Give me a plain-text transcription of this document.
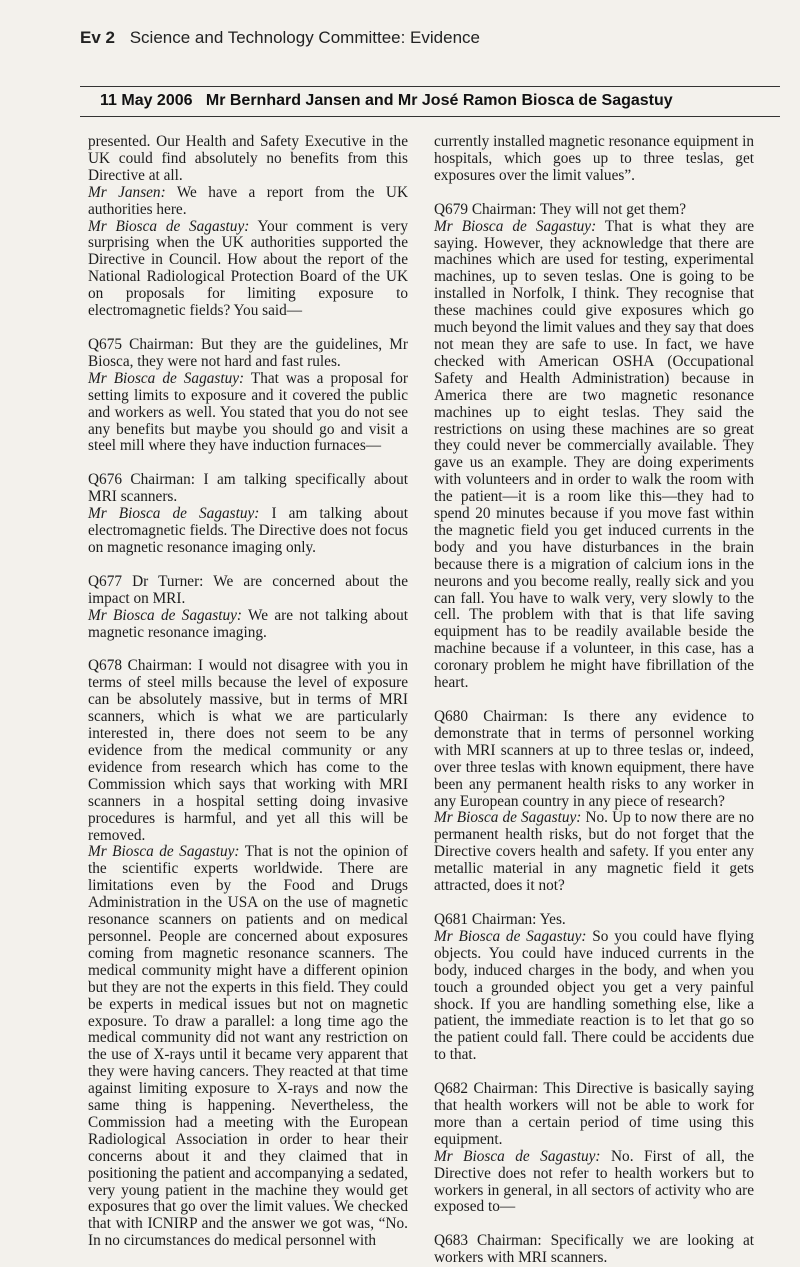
Ev 2 Science and Technology Committee: Evidence
11 May 2006   Mr Bernhard Jansen and Mr José Ramon Biosca de Sagastuy

presented. Our Health and Safety Executive in the UK could find absolutely no benefits from this Directive at all.

Mr Jansen: We have a report from the UK authorities here.

Mr Biosca de Sagastuy: Your comment is very surprising when the UK authorities supported the Directive in Council. How about the report of the National Radiological Protection Board of the UK on proposals for limiting exposure to electromagnetic fields? You said—

Q675 Chairman: But they are the guidelines, Mr Biosca, they were not hard and fast rules.

Mr Biosca de Sagastuy: That was a proposal for setting limits to exposure and it covered the public and workers as well. You stated that you do not see any benefits but maybe you should go and visit a steel mill where they have induction furnaces—

Q676 Chairman: I am talking specifically about MRI scanners.

Mr Biosca de Sagastuy: I am talking about electromagnetic fields. The Directive does not focus on magnetic resonance imaging only.

Q677 Dr Turner: We are concerned about the impact on MRI.

Mr Biosca de Sagastuy: We are not talking about magnetic resonance imaging.

Q678 Chairman: I would not disagree with you in terms of steel mills because the level of exposure can be absolutely massive, but in terms of MRI scanners, which is what we are particularly interested in, there does not seem to be any evidence from the medical community or any evidence from research which has come to the Commission which says that working with MRI scanners in a hospital setting doing invasive procedures is harmful, and yet all this will be removed.

Mr Biosca de Sagastuy: That is not the opinion of the scientific experts worldwide. There are limitations even by the Food and Drugs Administration in the USA on the use of magnetic resonance scanners on patients and on medical personnel. People are concerned about exposures coming from magnetic resonance scanners. The medical community might have a different opinion but they are not the experts in this field. They could be experts in medical issues but not on magnetic exposure. To draw a parallel: a long time ago the medical community did not want any restriction on the use of X-rays until it became very apparent that they were having cancers. They reacted at that time against limiting exposure to X-rays and now the same thing is happening. Nevertheless, the Commission had a meeting with the European Radiological Association in order to hear their concerns about it and they claimed that in positioning the patient and accompanying a sedated, very young patient in the machine they would get exposures that go over the limit values. We checked that with ICNIRP and the answer we got was, “No. In no circumstances do medical personnel with

currently installed magnetic resonance equipment in hospitals, which goes up to three teslas, get exposures over the limit values”.

Q679 Chairman: They will not get them?

Mr Biosca de Sagastuy: That is what they are saying. However, they acknowledge that there are machines which are used for testing, experimental machines, up to seven teslas. One is going to be installed in Norfolk, I think. They recognise that these machines could give exposures which go much beyond the limit values and they say that does not mean they are safe to use. In fact, we have checked with American OSHA (Occupational Safety and Health Administration) because in America there are two magnetic resonance machines up to eight teslas. They said the restrictions on using these machines are so great they could never be commercially available. They gave us an example. They are doing experiments with volunteers and in order to walk the room with the patient—it is a room like this—they had to spend 20 minutes because if you move fast within the magnetic field you get induced currents in the body and you have disturbances in the brain because there is a migration of calcium ions in the neurons and you become really, really sick and you can fall. You have to walk very, very slowly to the cell. The problem with that is that life saving equipment has to be readily available beside the machine because if a volunteer, in this case, has a coronary problem he might have fibrillation of the heart.

Q680 Chairman: Is there any evidence to demonstrate that in terms of personnel working with MRI scanners at up to three teslas or, indeed, over three teslas with known equipment, there have been any permanent health risks to any worker in any European country in any piece of research?

Mr Biosca de Sagastuy: No. Up to now there are no permanent health risks, but do not forget that the Directive covers health and safety. If you enter any metallic material in any magnetic field it gets attracted, does it not?

Q681 Chairman: Yes.

Mr Biosca de Sagastuy: So you could have flying objects. You could have induced currents in the body, induced charges in the body, and when you touch a grounded object you get a very painful shock. If you are handling something else, like a patient, the immediate reaction is to let that go so the patient could fall. There could be accidents due to that.

Q682 Chairman: This Directive is basically saying that health workers will not be able to work for more than a certain period of time using this equipment.

Mr Biosca de Sagastuy: No. First of all, the Directive does not refer to health workers but to workers in general, in all sectors of activity who are exposed to—

Q683 Chairman: Specifically we are looking at workers with MRI scanners.
